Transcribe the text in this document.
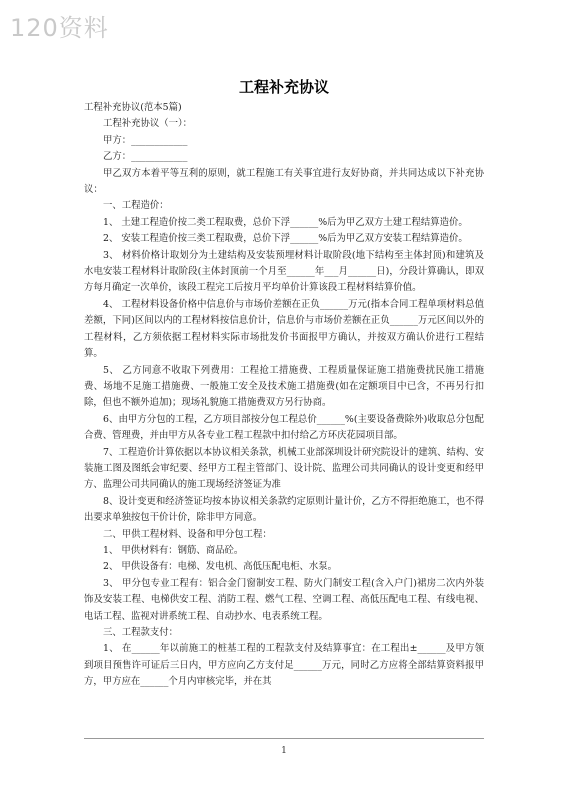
120资料
工程补充协议

工程补充协议(范本5篇)

工程补充协议（一）：

甲方：____________

乙方：____________

甲乙双方本着平等互利的原则，就工程施工有关事宜进行友好协商，并共同达成以下补充协议：

一、工程造价：

1、 土建工程造价按二类工程取费，总价下浮______%后为甲乙双方土建工程结算造价。

2、 安装工程造价按三类工程取费，总价下浮______%后为甲乙双方安装工程结算造价。

3、 材料价格计取划分为土建结构及安装预埋材料计取阶段(地下结构至主体封顶)和建筑及水电安装工程材料计取阶段(主体封顶前一个月至______年___月______日)，分段计算确认，即双方每月确定一次单价，该段工程完工后按月平均单价计算该段工程材料结算价值。

4、 工程材料设备价格中信息价与市场价差额在正负______万元(指本合同工程单项材料总值差额，下同)区间以内的工程材料按信息价计，信息价与市场价差额在正负______万元区间以外的工程材料，乙方须依据工程材料实际市场批发价书面报甲方确认，并按双方确认价进行工程结算。

5、 乙方同意不收取下列费用：工程抢工措施费、工程质量保证施工措施费扰民施工措施费、场地不足施工措施费、一般施工安全及技术施工措施费(如在定额项目中已含，不再另行扣除，但也不额外追加)；现场礼貌施工措施费双方另行协商。

6、由甲方分包的工程，乙方项目部按分包工程总价______%(主要设备费除外)收取总分包配合费、管理费，并由甲方从各专业工程工程款中扣付给乙方环庆花园项目部。

7、工程造价计算依据以本协议相关条款，机械工业部深圳设计研究院设计的建筑、结构、安装施工图及图纸会审纪要、经甲方工程主管部门、设计院、监理公司共同确认的设计变更和经甲方、监理公司共同确认的施工现场经济签证为准

8、设计变更和经济签证均按本协议相关条款约定原则计量计价，乙方不得拒绝施工，也不得出要求单独按包干价计价，除非甲方同意。

二、甲供工程材料、设备和甲分包工程：

1、 甲供材料有：钢筋、商品砼。

2、 甲供设备有：电梯、发电机、高低压配电柜、水泵。

3、 甲分包专业工程有：铝合金门窗制安工程、防火门制安工程(含入户门)裙房二次内外装饰及安装工程、电梯供安工程、消防工程、燃气工程、空调工程、高低压配电工程、有线电视、电话工程、监视对讲系统工程、自动抄水、电表系统工程。

三、工程款支付：

1、 在______年以前施工的桩基工程的工程款支付及结算事宜：在工程出±______及甲方领到项目预售许可证后三日内，甲方应向乙方支付足______万元，同时乙方应将全部结算资料报甲方，甲方应在______个月内审核完毕，并在其

1
